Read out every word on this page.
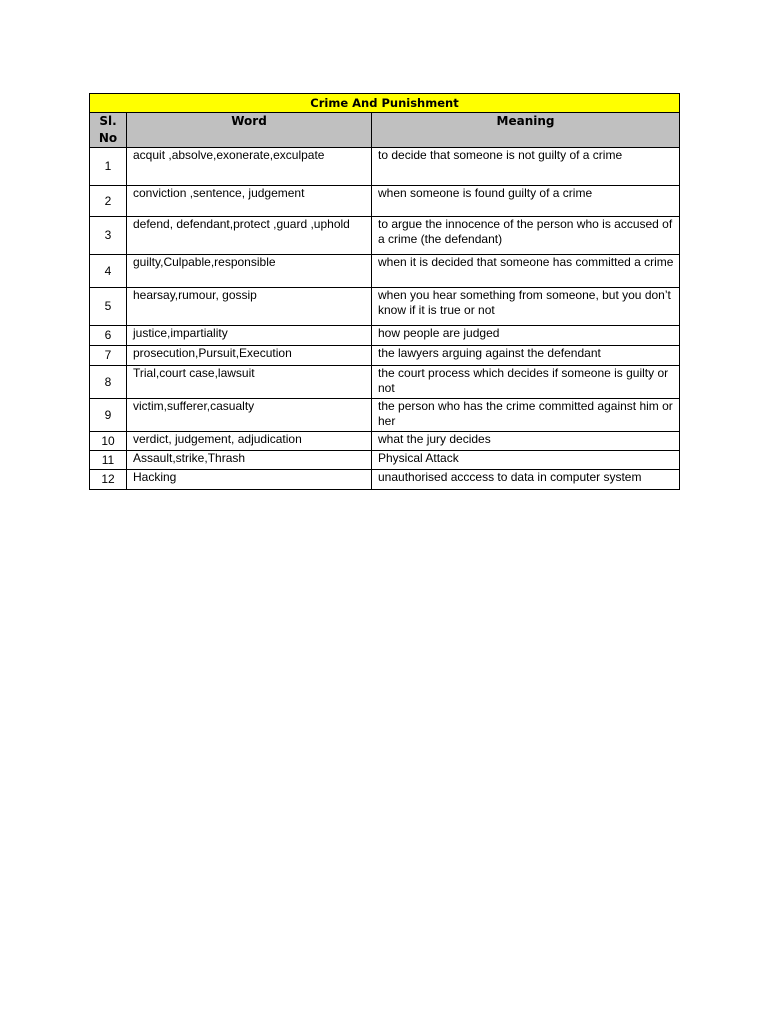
Crime And Punishment		
Sl. No	Word	Meaning
1	acquit ,absolve,exonerate,exculpate	to decide that someone is not guilty of a crime
2	conviction ,sentence, judgement	when someone is found guilty of a crime
3	defend, defendant,protect ,guard ,uphold	to argue the innocence of the person who is accused of a crime (the defendant)
4	guilty,Culpable,responsible	when it is decided that someone has committed a crime
5	hearsay,rumour, gossip	when you hear something from someone, but you don’t know if it is true or not
6	justice,impartiality	how people are judged
7	prosecution,Pursuit,Execution	the lawyers arguing against the defendant
8	Trial,court case,lawsuit	the court process which decides if someone is guilty or not
9	victim,sufferer,casualty	the person who has the crime committed against him or her
10	verdict, judgement, adjudication	what the jury decides
11	Assault,strike,Thrash	Physical Attack
12	Hacking	unauthorised acccess to data in computer system
